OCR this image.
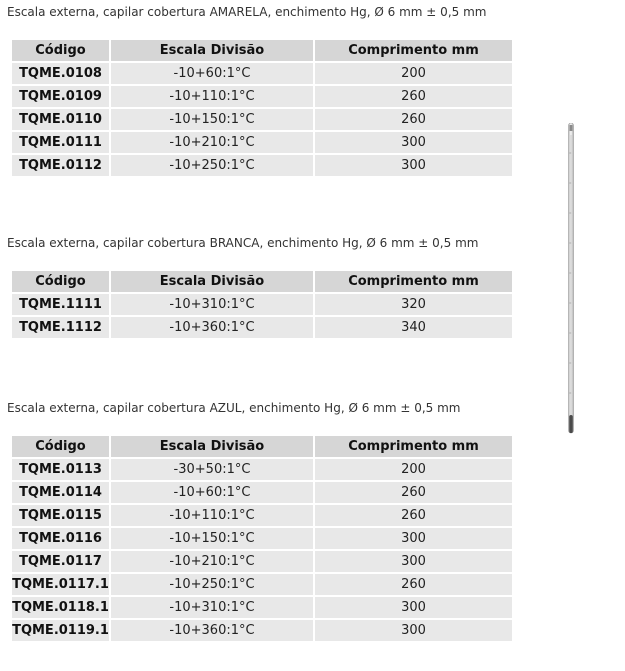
Escala externa, capilar cobertura AMARELA, enchimento Hg, Ø 6 mm ± 0,5 mm
Código	Escala Divisão	Comprimento mm
TQME.0108	-10+60:1°C	200
TQME.0109	-10+110:1°C	260
TQME.0110	-10+150:1°C	260
TQME.0111	-10+210:1°C	300
TQME.0112	-10+250:1°C	300
Escala externa, capilar cobertura BRANCA, enchimento Hg, Ø 6 mm ± 0,5 mm
Código	Escala Divisão	Comprimento mm
TQME.1111	-10+310:1°C	320
TQME.1112	-10+360:1°C	340
Escala externa, capilar cobertura AZUL, enchimento Hg, Ø 6 mm ± 0,5 mm
Código	Escala Divisão	Comprimento mm
TQME.0113	-30+50:1°C	200
TQME.0114	-10+60:1°C	260
TQME.0115	-10+110:1°C	260
TQME.0116	-10+150:1°C	300
TQME.0117	-10+210:1°C	300
TQME.0117.1	-10+250:1°C	260
TQME.0118.1	-10+310:1°C	300
TQME.0119.1	-10+360:1°C	300
